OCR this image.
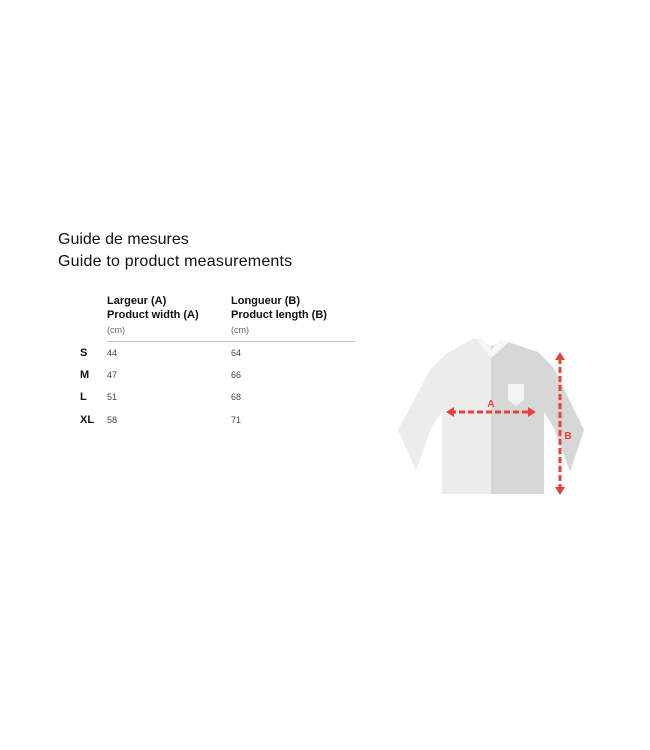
Guide de mesures
Guide to product measurements
Largeur (A)
Product width (A)
Longueur (B)
Product length (B)
(cm)	(cm)
S 44	64
M 47	66
L 51	68
XL 58	71
A
B
